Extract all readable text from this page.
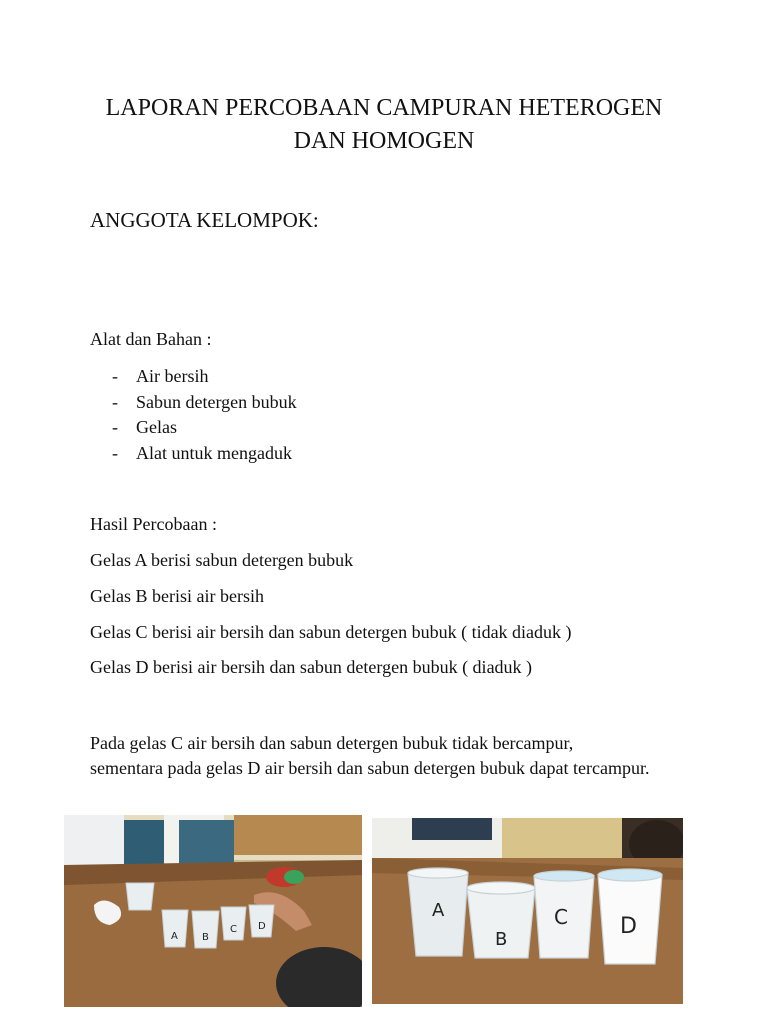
LAPORAN PERCOBAAN CAMPURAN HETEROGEN
DAN HOMOGEN
ANGGOTA KELOMPOK:

Alat dan Bahan :

- Air bersih
- Sabun detergen bubuk
- Gelas
- Alat untuk mengaduk

Hasil Percobaan :

Gelas A berisi sabun detergen bubuk

Gelas B berisi air bersih

Gelas C berisi air bersih dan sabun detergen bubuk ( tidak diaduk )

Gelas D berisi air bersih dan sabun detergen bubuk ( diaduk )

Pada gelas C air bersih dan sabun detergen bubuk tidak bercampur, sementara pada gelas D air bersih dan sabun detergen bubuk dapat tercampur.

A B
C D
A
B
C D
